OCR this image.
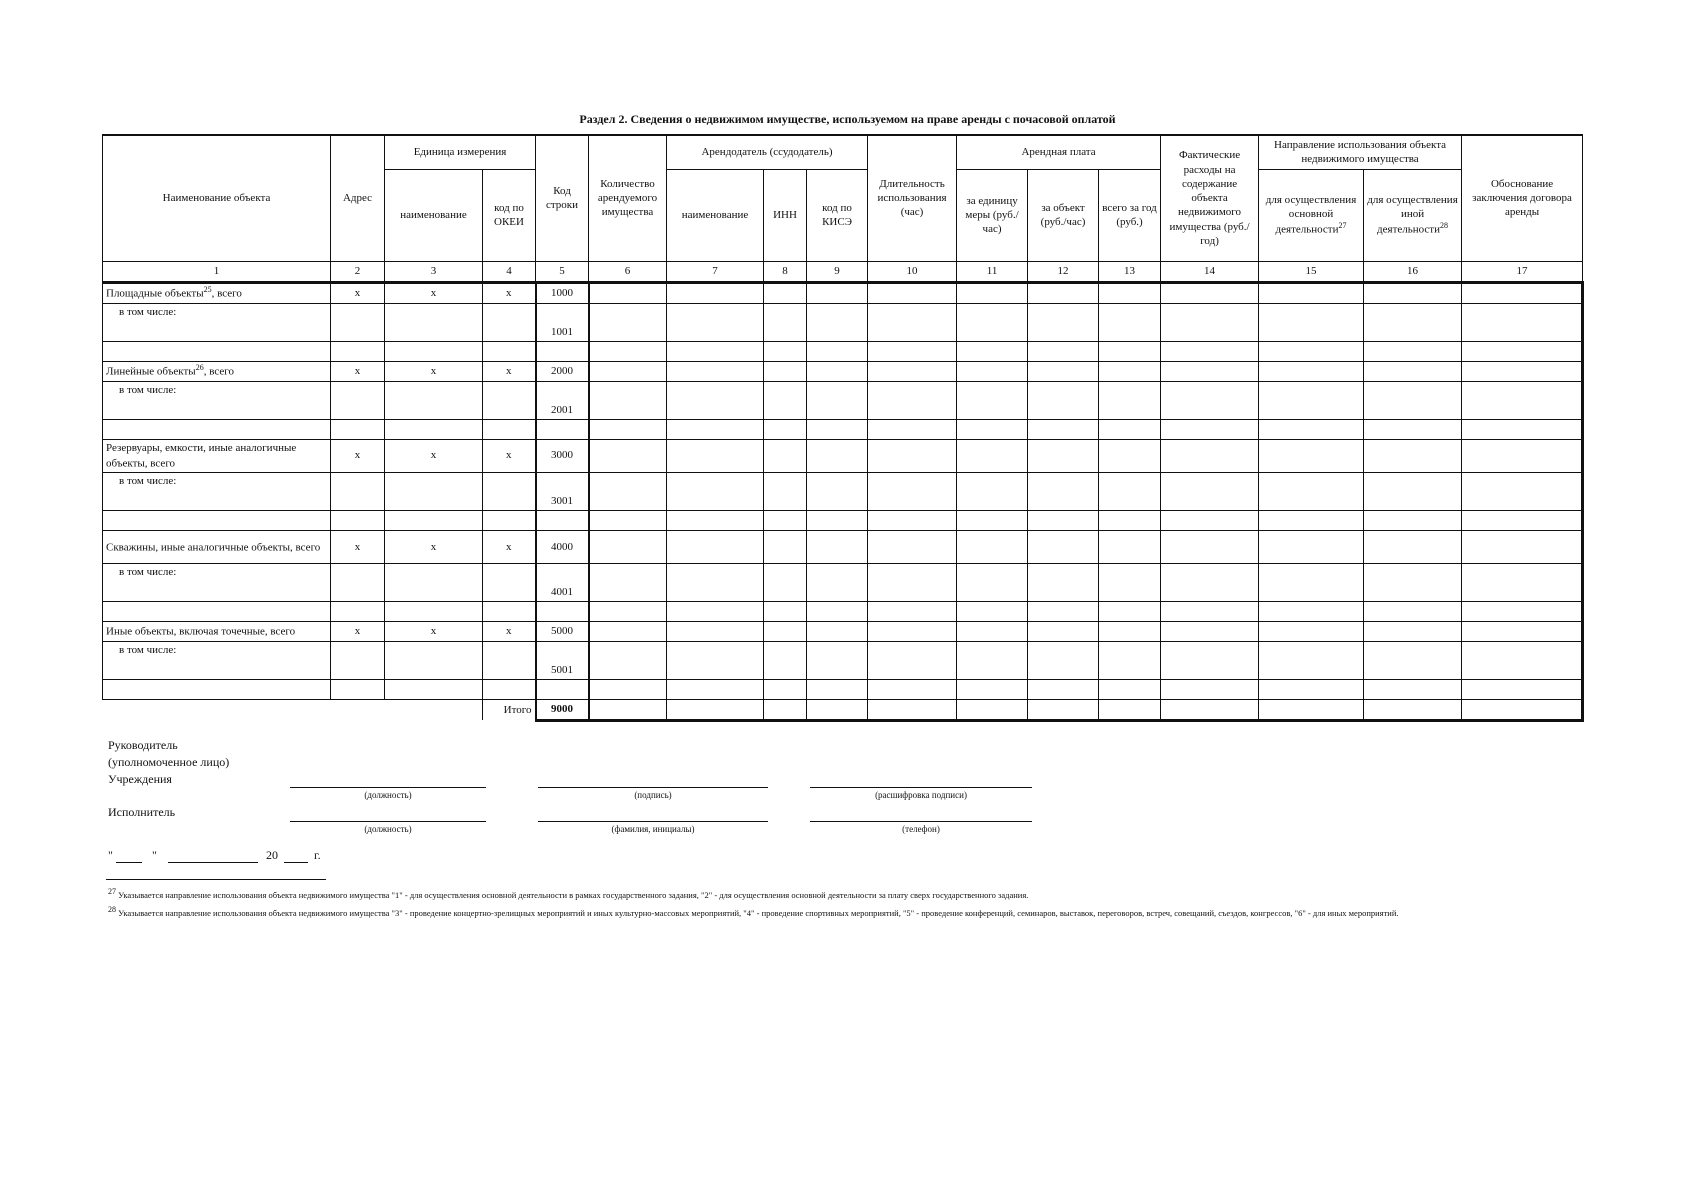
Раздел 2. Сведения о недвижимом имуществе, используемом на праве аренды с почасовой оплатой
Наименование объекта	Адрес	Единица измерения		Код строки	Количество арендуемого имущества	Арендодатель (ссудодатель)			Длительность использования (час)	Арендная плата			Фактические расходы на содержание объекта недвижимого имущества (руб./год)	Направление использования объекта недвижимого имущества		Обоснование заключения договора аренды
		наименование	код по ОКЕИ			наименование	ИНН	код по КИСЭ		за единицу меры (руб./час)	за объект (руб./час)	всего за год (руб.)		для осуществления основной деятельности$^{27}$	для осуществления иной деятельности$^{28}$
1	2	3	4	5	6	7	8	9	10	11	12	13	14	15	16	17
Площадные объекты$^{25}$, всего	x	x	x	1000												
в том числе:				1001												

Линейные объекты$^{26}$, всего	x	x	x	2000												
в том числе:				2001												

Резервуары, емкости, иные аналогичные объекты, всего	x	x	x	3000												
в том числе:				3001												

Скважины, иные аналогичные объекты, всего	x	x	x	4000												
в том числе:				4001												

Иные объекты, включая точечные, всего	x	x	x	5000												
в том числе:				5001												

			Итого	9000												
Руководитель
(уполномоченное лицо)
Учреждения
(должность)	(подпись)	(расшифровка подписи)
Исполнитель
(должность)	(фамилия, инициалы)	(телефон)
"	"	20	г.
$^{27}$ Указывается направление использования объекта недвижимого имущества "1" - для осуществления основной деятельности в рамках государственного задания, "2" - для осуществления основной деятельности за плату сверх государственного задания.
$^{28}$ Указывается направление использования объекта недвижимого имущества "3" - проведение концертно-зрелищных мероприятий и иных культурно-массовых мероприятий, "4" - проведение спортивных мероприятий, "5" - проведение конференций, семинаров, выставок, переговоров, встреч, совещаний, съездов, конгрессов, "6" - для иных мероприятий.
